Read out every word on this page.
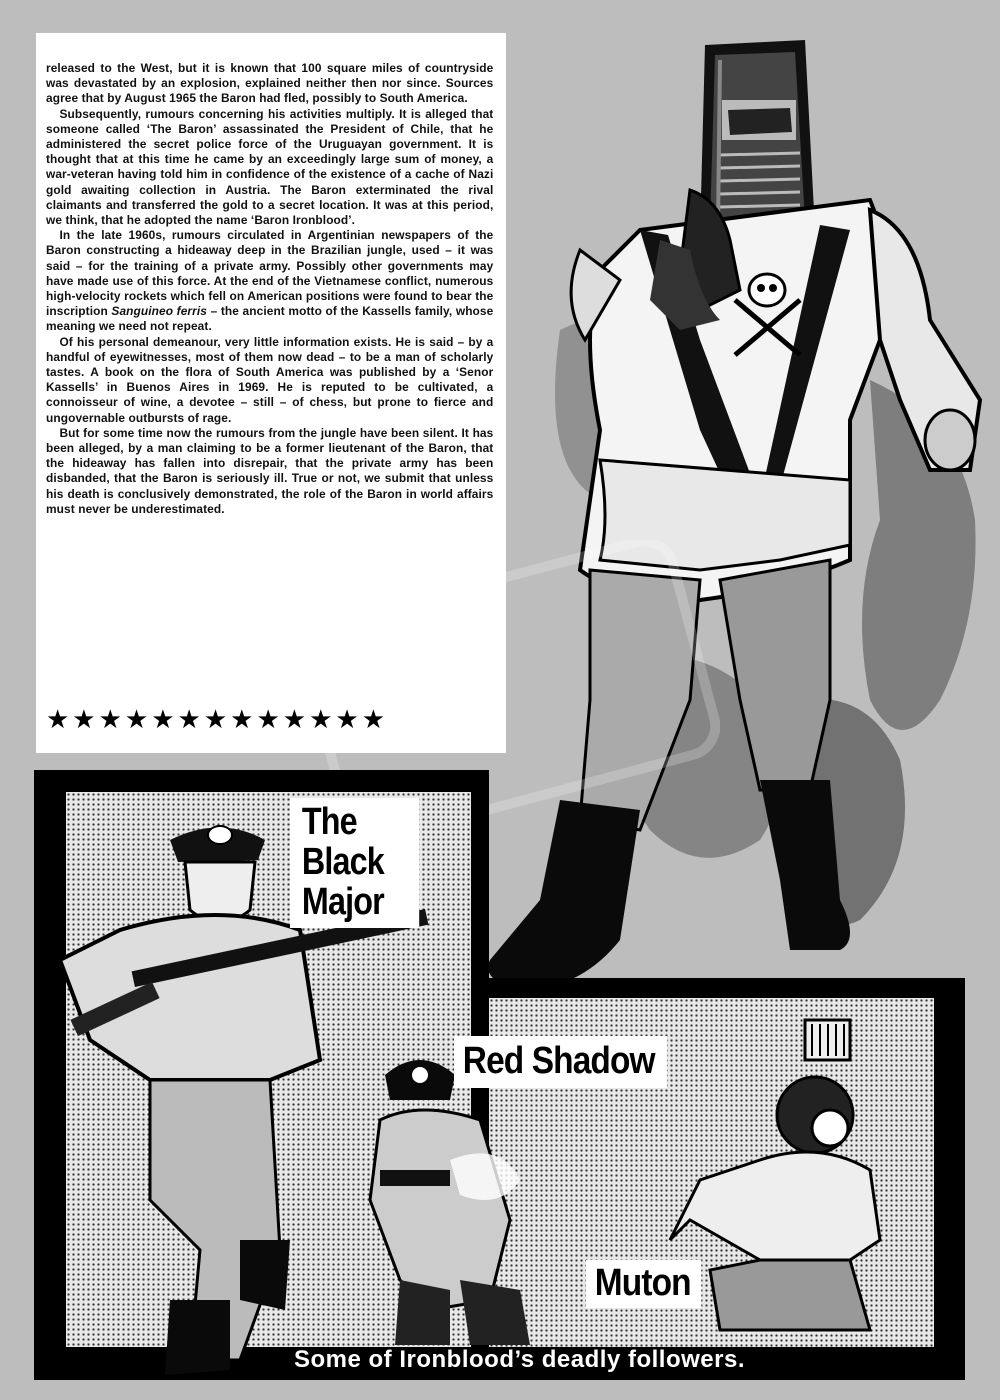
released to the West, but it is known that 100 square miles of countryside was devastated by an explosion, explained neither then nor since. Sources agree that by August 1965 the Baron had fled, possibly to South America.

Subsequently, rumours concerning his activities multiply. It is alleged that someone called ‘The Baron’ assassinated the President of Chile, that he administered the secret police force of the Uruguayan government. It is thought that at this time he came by an exceedingly large sum of money, a war-veteran having told him in confidence of the existence of a cache of Nazi gold awaiting collection in Austria. The Baron exterminated the rival claimants and transferred the gold to a secret location. It was at this period, we think, that he adopted the name ‘Baron Ironblood’.

In the late 1960s, rumours circulated in Argentinian newspapers of the Baron constructing a hideaway deep in the Brazilian jungle, used – it was said – for the training of a private army. Possibly other governments may have made use of this force. At the end of the Vietnamese conflict, numerous high-velocity rockets which fell on American positions were found to bear the inscription Sanguineo ferris – the ancient motto of the Kassells family, whose meaning we need not repeat.

Of his personal demeanour, very little information exists. He is said – by a handful of eyewitnesses, most of them now dead – to be a man of scholarly tastes. A book on the flora of South America was published by a ‘Senor Kassells’ in Buenos Aires in 1969. He is reputed to be cultivated, a connoisseur of wine, a devotee – still – of chess, but prone to fierce and ungovernable outbursts of rage.

But for some time now the rumours from the jungle have been silent. It has been alleged, by a man claiming to be a former lieutenant of the Baron, that the hideaway has fallen into disrepair, that the private army has been disbanded, that the Baron is seriously ill. True or not, we submit that unless his death is conclusively demonstrated, the role of the Baron in world affairs must never be underestimated.

★★★★★★★★★★★★★
The
Black
Major
Red Shadow
Muton
Some of Ironblood’s deadly followers.
